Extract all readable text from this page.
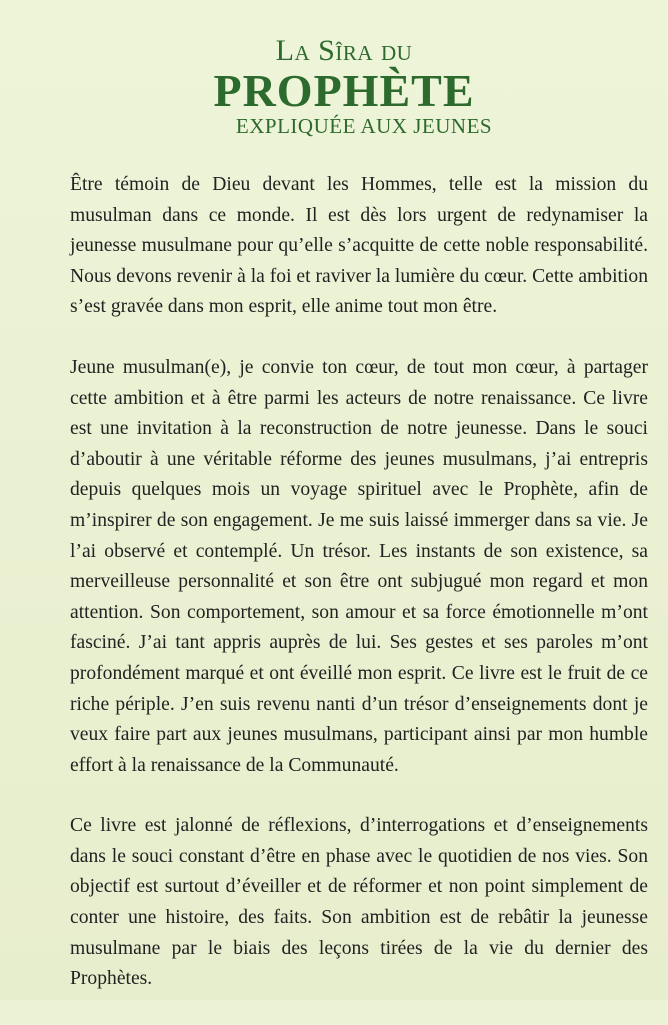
La Sîra du
PROPHÈTE
EXPLIQUÉE AUX JEUNES

Être témoin de Dieu devant les Hommes, telle est la mission du musulman dans ce monde. Il est dès lors urgent de redynamiser la jeunesse musulmane pour qu’elle s’acquitte de cette noble responsabilité. Nous devons revenir à la foi et raviver la lumière du cœur. Cette ambition s’est gravée dans mon esprit, elle anime tout mon être.

Jeune musulman(e), je convie ton cœur, de tout mon cœur, à partager cette ambition et à être parmi les acteurs de notre renaissance. Ce livre est une invitation à la reconstruction de notre jeunesse. Dans le souci d’aboutir à une véritable réforme des jeunes musulmans, j’ai entrepris depuis quelques mois un voyage spirituel avec le Prophète, afin de m’inspirer de son engagement. Je me suis laissé immerger dans sa vie. Je l’ai observé et contemplé. Un trésor. Les instants de son existence, sa merveilleuse personnalité et son être ont subjugué mon regard et mon attention. Son comportement, son amour et sa force émotionnelle m’ont fasciné. J’ai tant appris auprès de lui. Ses gestes et ses paroles m’ont profondément marqué et ont éveillé mon esprit. Ce livre est le fruit de ce riche périple. J’en suis revenu nanti d’un trésor d’enseignements dont je veux faire part aux jeunes musulmans, participant ainsi par mon humble effort à la renaissance de la Communauté.

Ce livre est jalonné de réflexions, d’interrogations et d’enseignements dans le souci constant d’être en phase avec le quotidien de nos vies. Son objectif est surtout d’éveiller et de réformer et non point simplement de conter une histoire, des faits. Son ambition est de rebâtir la jeunesse musulmane par le biais des leçons tirées de la vie du dernier des Prophètes.
